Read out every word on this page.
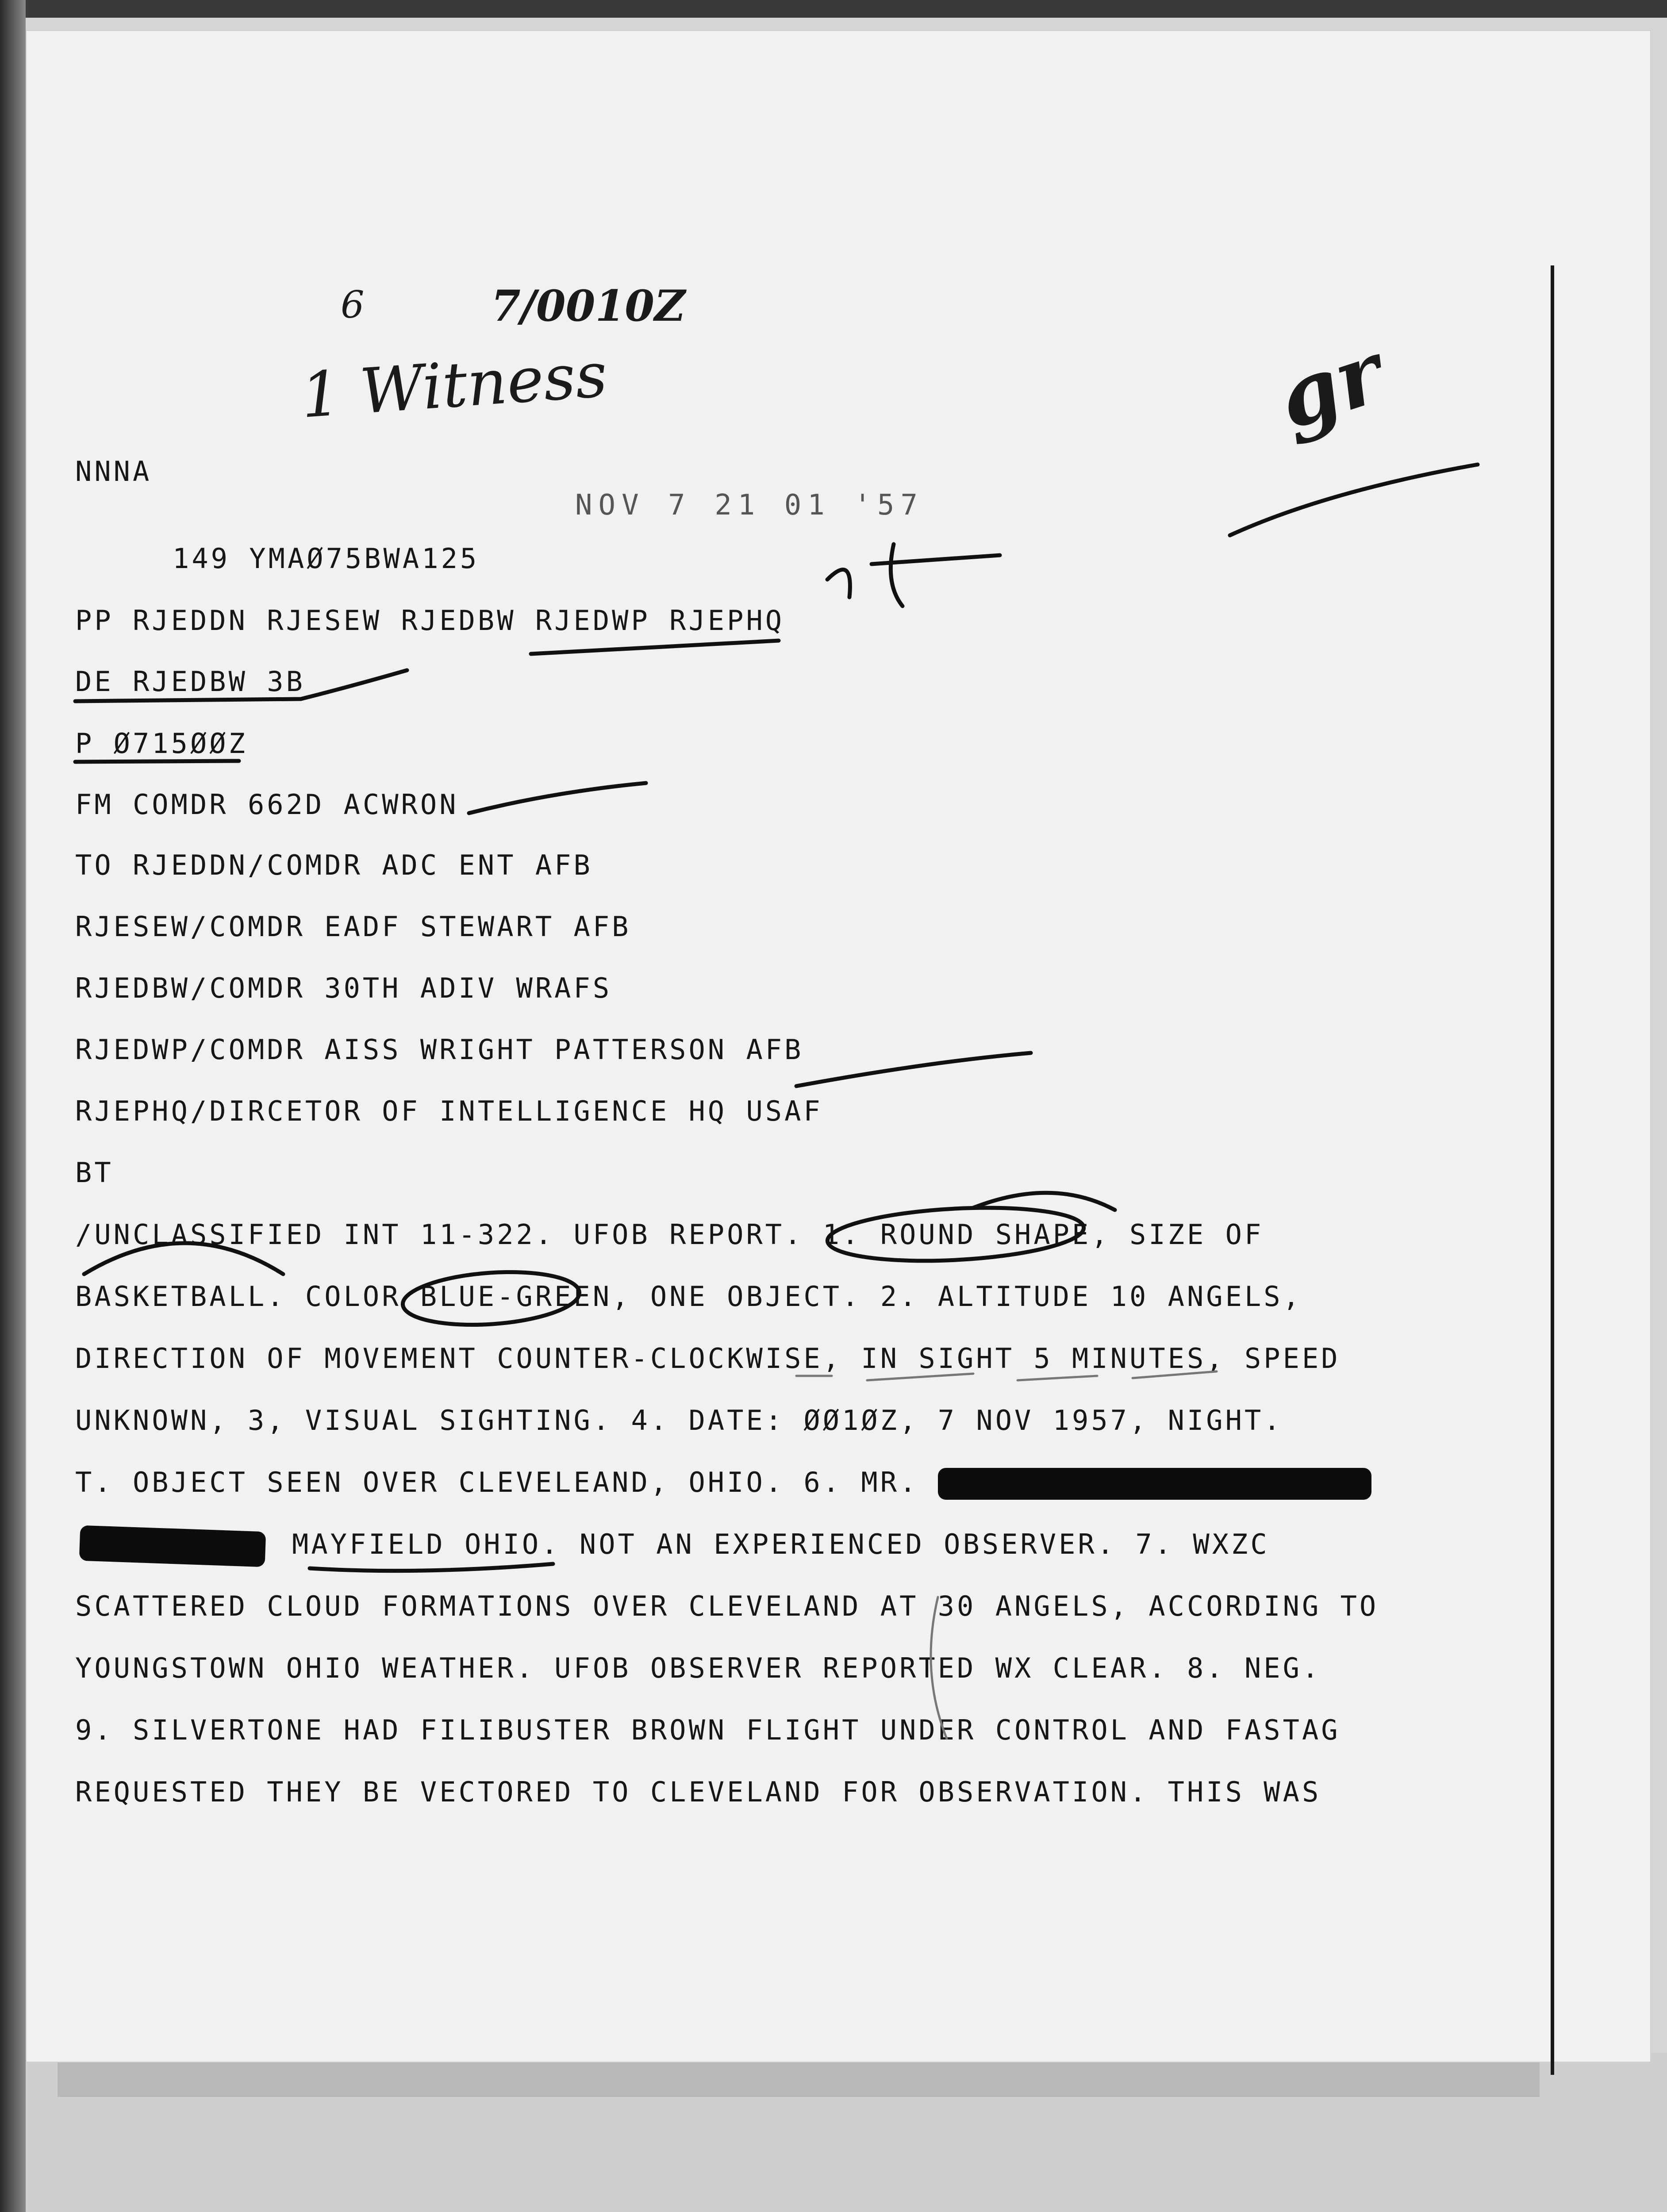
6	7/0010Z
1 Witness	gr
NOV 7 21 01 '57
NNNA
149 YMAØ75BWA125
PP RJEDDN RJESEW RJEDBW RJEDWP RJEPHQ
DE RJEDBW 3B
P Ø715ØØZ
FM COMDR 662D ACWRON
TO RJEDDN/COMDR ADC ENT AFB
RJESEW/COMDR EADF STEWART AFB
RJEDBW/COMDR 30TH ADIV WRAFS
RJEDWP/COMDR AISS WRIGHT PATTERSON AFB
RJEPHQ/DIRCETOR OF INTELLIGENCE HQ USAF
BT
/UNCLASSIFIED INT 11-322. UFOB REPORT. 1. ROUND SHAPE, SIZE OF
BASKETBALL. COLOR BLUE-GREEN, ONE OBJECT. 2. ALTITUDE 10 ANGELS,
DIRECTION OF MOVEMENT COUNTER-CLOCKWISE, IN SIGHT 5 MINUTES, SPEED
UNKNOWN, 3, VISUAL SIGHTING. 4. DATE: ØØ1ØZ, 7 NOV 1957, NIGHT.
T. OBJECT SEEN OVER CLEVELEAND, OHIO. 6. MR.
MAYFIELD OHIO. NOT AN EXPERIENCED OBSERVER. 7. WXZC
SCATTERED CLOUD FORMATIONS OVER CLEVELAND AT 30 ANGELS, ACCORDING TO
YOUNGSTOWN OHIO WEATHER. UFOB OBSERVER REPORTED WX CLEAR. 8. NEG.
9. SILVERTONE HAD FILIBUSTER BROWN FLIGHT UNDER CONTROL AND FASTAG
REQUESTED THEY BE VECTORED TO CLEVELAND FOR OBSERVATION. THIS WAS
